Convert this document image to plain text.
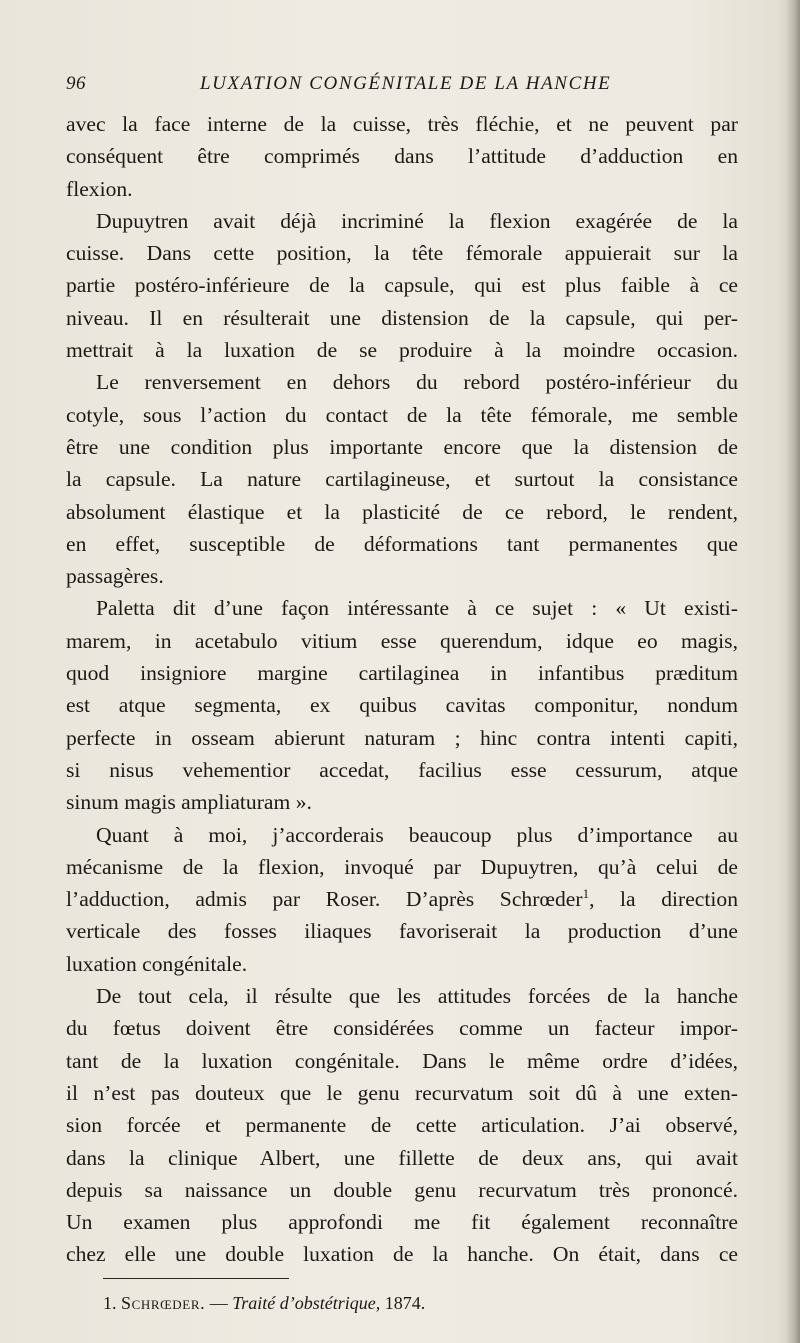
96	LUXATION CONGÉNITALE DE LA HANCHE
avec la face interne de la cuisse, très fléchie, et ne peuvent par
conséquent être comprimés dans l’attitude d’adduction en
flexion.
Dupuytren avait déjà incriminé la flexion exagérée de la
cuisse. Dans cette position, la tête fémorale appuierait sur la
partie postéro-inférieure de la capsule, qui est plus faible à ce
niveau. Il en résulterait une distension de la capsule, qui per-
mettrait à la luxation de se produire à la moindre occasion.
Le renversement en dehors du rebord postéro-inférieur du
cotyle, sous l’action du contact de la tête fémorale, me semble
être une condition plus importante encore que la distension de
la capsule. La nature cartilagineuse, et surtout la consistance
absolument élastique et la plasticité de ce rebord, le rendent,
en effet, susceptible de déformations tant permanentes que
passagères.
Paletta dit d’une façon intéressante à ce sujet : « Ut existi-
marem, in acetabulo vitium esse querendum, idque eo magis,
quod insigniore margine cartilaginea in infantibus præditum
est atque segmenta, ex quibus cavitas componitur, nondum
perfecte in osseam abierunt naturam ; hinc contra intenti capiti,
si nisus vehementior accedat, facilius esse cessurum, atque
sinum magis ampliaturam ».
Quant à moi, j’accorderais beaucoup plus d’importance au
mécanisme de la flexion, invoqué par Dupuytren, qu’à celui de
l’adduction, admis par Roser. D’après Schrœder$^1$, la direction
verticale des fosses iliaques favoriserait la production d’une
luxation congénitale.
De tout cela, il résulte que les attitudes forcées de la hanche
du fœtus doivent être considérées comme un facteur impor-
tant de la luxation congénitale. Dans le même ordre d’idées,
il n’est pas douteux que le genu recurvatum soit dû à une exten-
sion forcée et permanente de cette articulation. J’ai observé,
dans la clinique Albert, une fillette de deux ans, qui avait
depuis sa naissance un double genu recurvatum très prononcé.
Un examen plus approfondi me fit également reconnaître
chez elle une double luxation de la hanche. On était, dans ce
1. Schrœder. — Traité d’obstétrique, 1874.
